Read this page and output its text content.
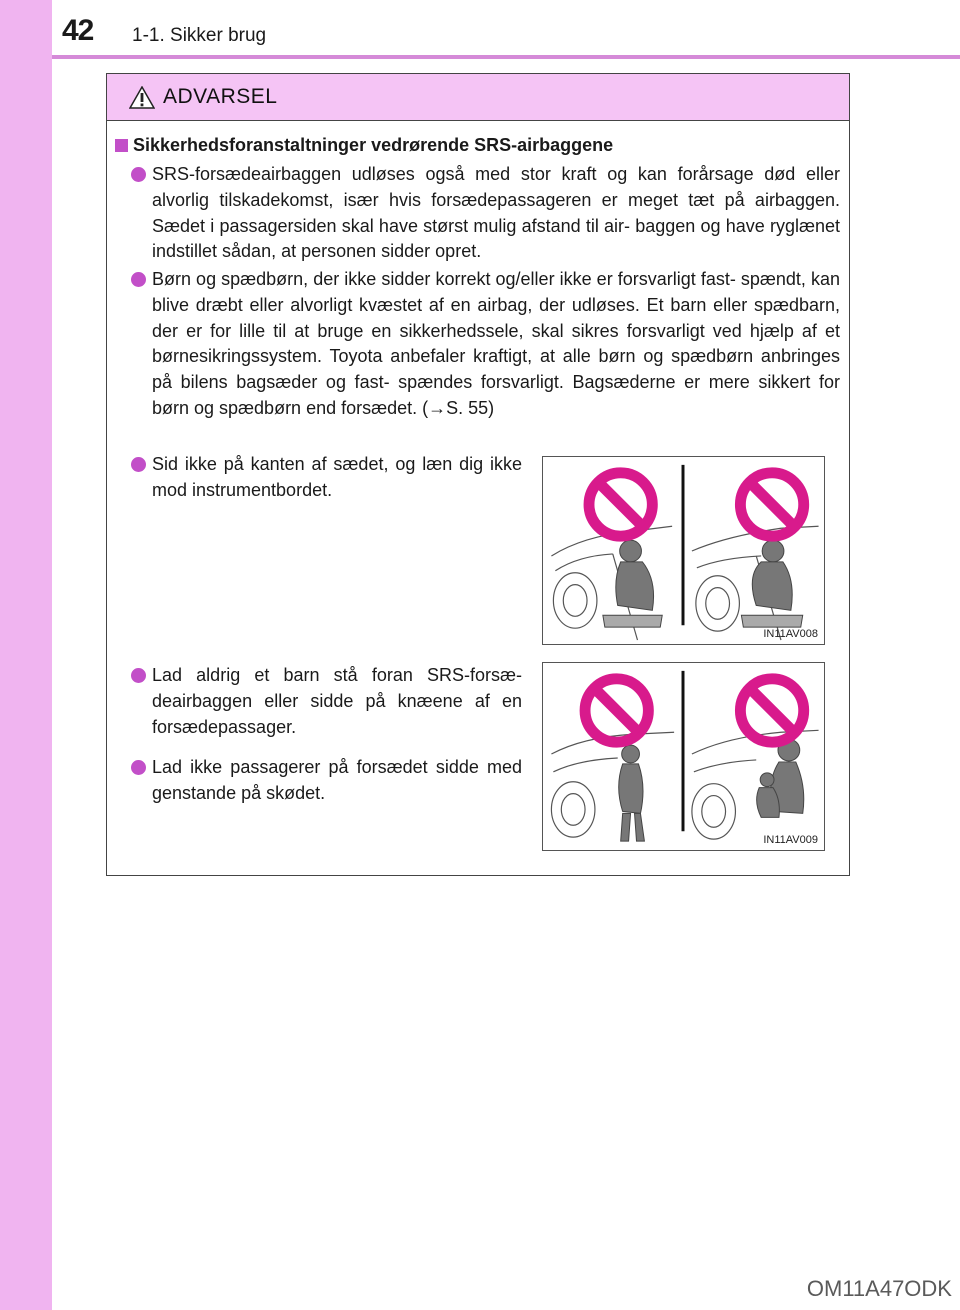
42 1-1. Sikker brug
ADVARSEL
Sikkerhedsforanstaltninger vedrørende SRS-airbaggene
SRS-forsædeairbaggen udløses også med stor kraft og kan forårsage død eller alvorlig tilskadekomst, især hvis forsædepassageren er meget tæt på airbaggen. Sædet i passagersiden skal have størst mulig afstand til air- baggen og have ryglænet indstillet sådan, at personen sidder opret.
Børn og spædbørn, der ikke sidder korrekt og/eller ikke er forsvarligt fast- spændt, kan blive dræbt eller alvorligt kvæstet af en airbag, der udløses. Et barn eller spædbarn, der er for lille til at bruge en sikkerhedssele, skal sikres forsvarligt ved hjælp af et børnesikringssystem. Toyota anbefaler kraftigt, at alle børn og spædbørn anbringes på bilens bagsæder og fast- spændes forsvarligt. Bagsæderne er mere sikkert for børn og spædbørn end forsædet. (→S. 55)
Sid ikke på kanten af sædet, og læn dig ikke mod instrumentbordet.
Lad aldrig et barn stå foran SRS-forsæ- deairbaggen eller sidde på knæene af en forsædepassager.
Lad ikke passagerer på forsædet sidde med genstande på skødet.
IN11AV008
IN11AV009
OM11A47ODK
